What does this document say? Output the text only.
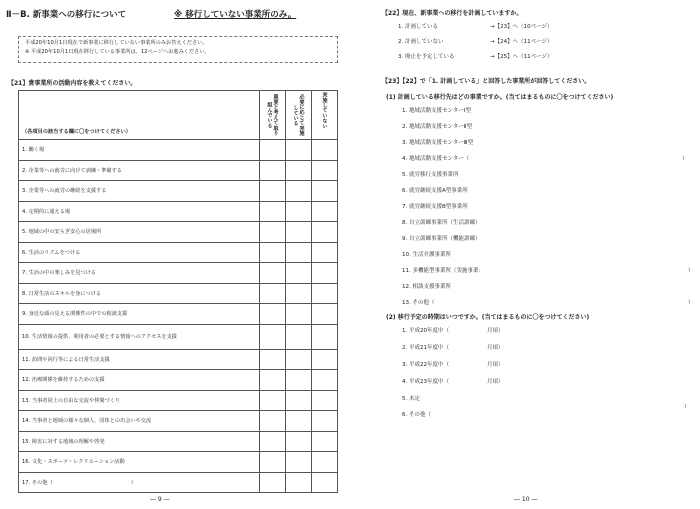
Ⅱ－B. 新事業への移行について	※ 移行していない事業所のみ。
平成20年10月1日現在で新事業に移行していない事業所のみお答えください。
※ 平成20年10月1日現在移行している事業所は、12ページへお進みください。
【21】貴事業所の活動内容を教えてください。
（各項目の該当する欄に〇をつけてください）	重要と考えて取り組んでいる	必要に応じて実施している	実施していない

1. 働く場			
2. 企業等への就労に向けて訓練・準備する			
3. 企業等への就労の継続を支援する			
4. 定期的に通える場			
5. 地域の中の安らぎ安心の居場所			
6. 生活のリズムをつける			
7. 生活の中の楽しみを見つける			
8. 日常生活のスキルを身につける			
9. 身近な顔の見える関係性の中での相談支援			
10. 生活情報の提供、利用者の必要とする情報へのアクセスを支援			
11. 訪問や同行等による日常生活支援			
12. 治療関係を維持するための支援			
13. 当事者同士の自由な交流や仲間づくり			
14. 当事者と地域の様々な個人、団体との出会いや交流			
15. 障害に対する地域の理解や啓発			
16. 文化・スポーツ・レクリエーション活動			
17. その他（ ）			

― 9 ―
【22】現在、新事業への移行を計画していますか。
1. 計画している	→【23】へ（10ページ）
2. 計画していない	→【24】へ（11ページ）
3. 廃止を予定している	→【25】へ（11ページ）
【23】【22】で「1. 計画している」と回答した事業所が回答してください。
(1) 計画している移行先はどの事業ですか。(当てはまるものに〇をつけてください)
1. 地域活動支援センターⅠ型
2. 地域活動支援センターⅡ型
3. 地域活動支援センターⅢ型
4. 地域活動支援センター（	）
5. 就労移行支援事業所
6. 就労継続支援A型事業所
7. 就労継続支援B型事業所
8. 自立訓練事業所（生活訓練）
9. 自立訓練事業所（機能訓練）
10. 生活介護事業所
11. 多機能型事業所（実施事業：	）
12. 相談支援事業所
13. その他（	）
(2) 移行予定の時期はいつですか。(当てはまるものに〇をつけてください)
1. 平成20年度中（	月頃）
2. 平成21年度中（	月頃）
3. 平成22年度中（	月頃）
4. 平成23年度中（	月頃）
5. 未定
6. その他（
）
― 10 ―
